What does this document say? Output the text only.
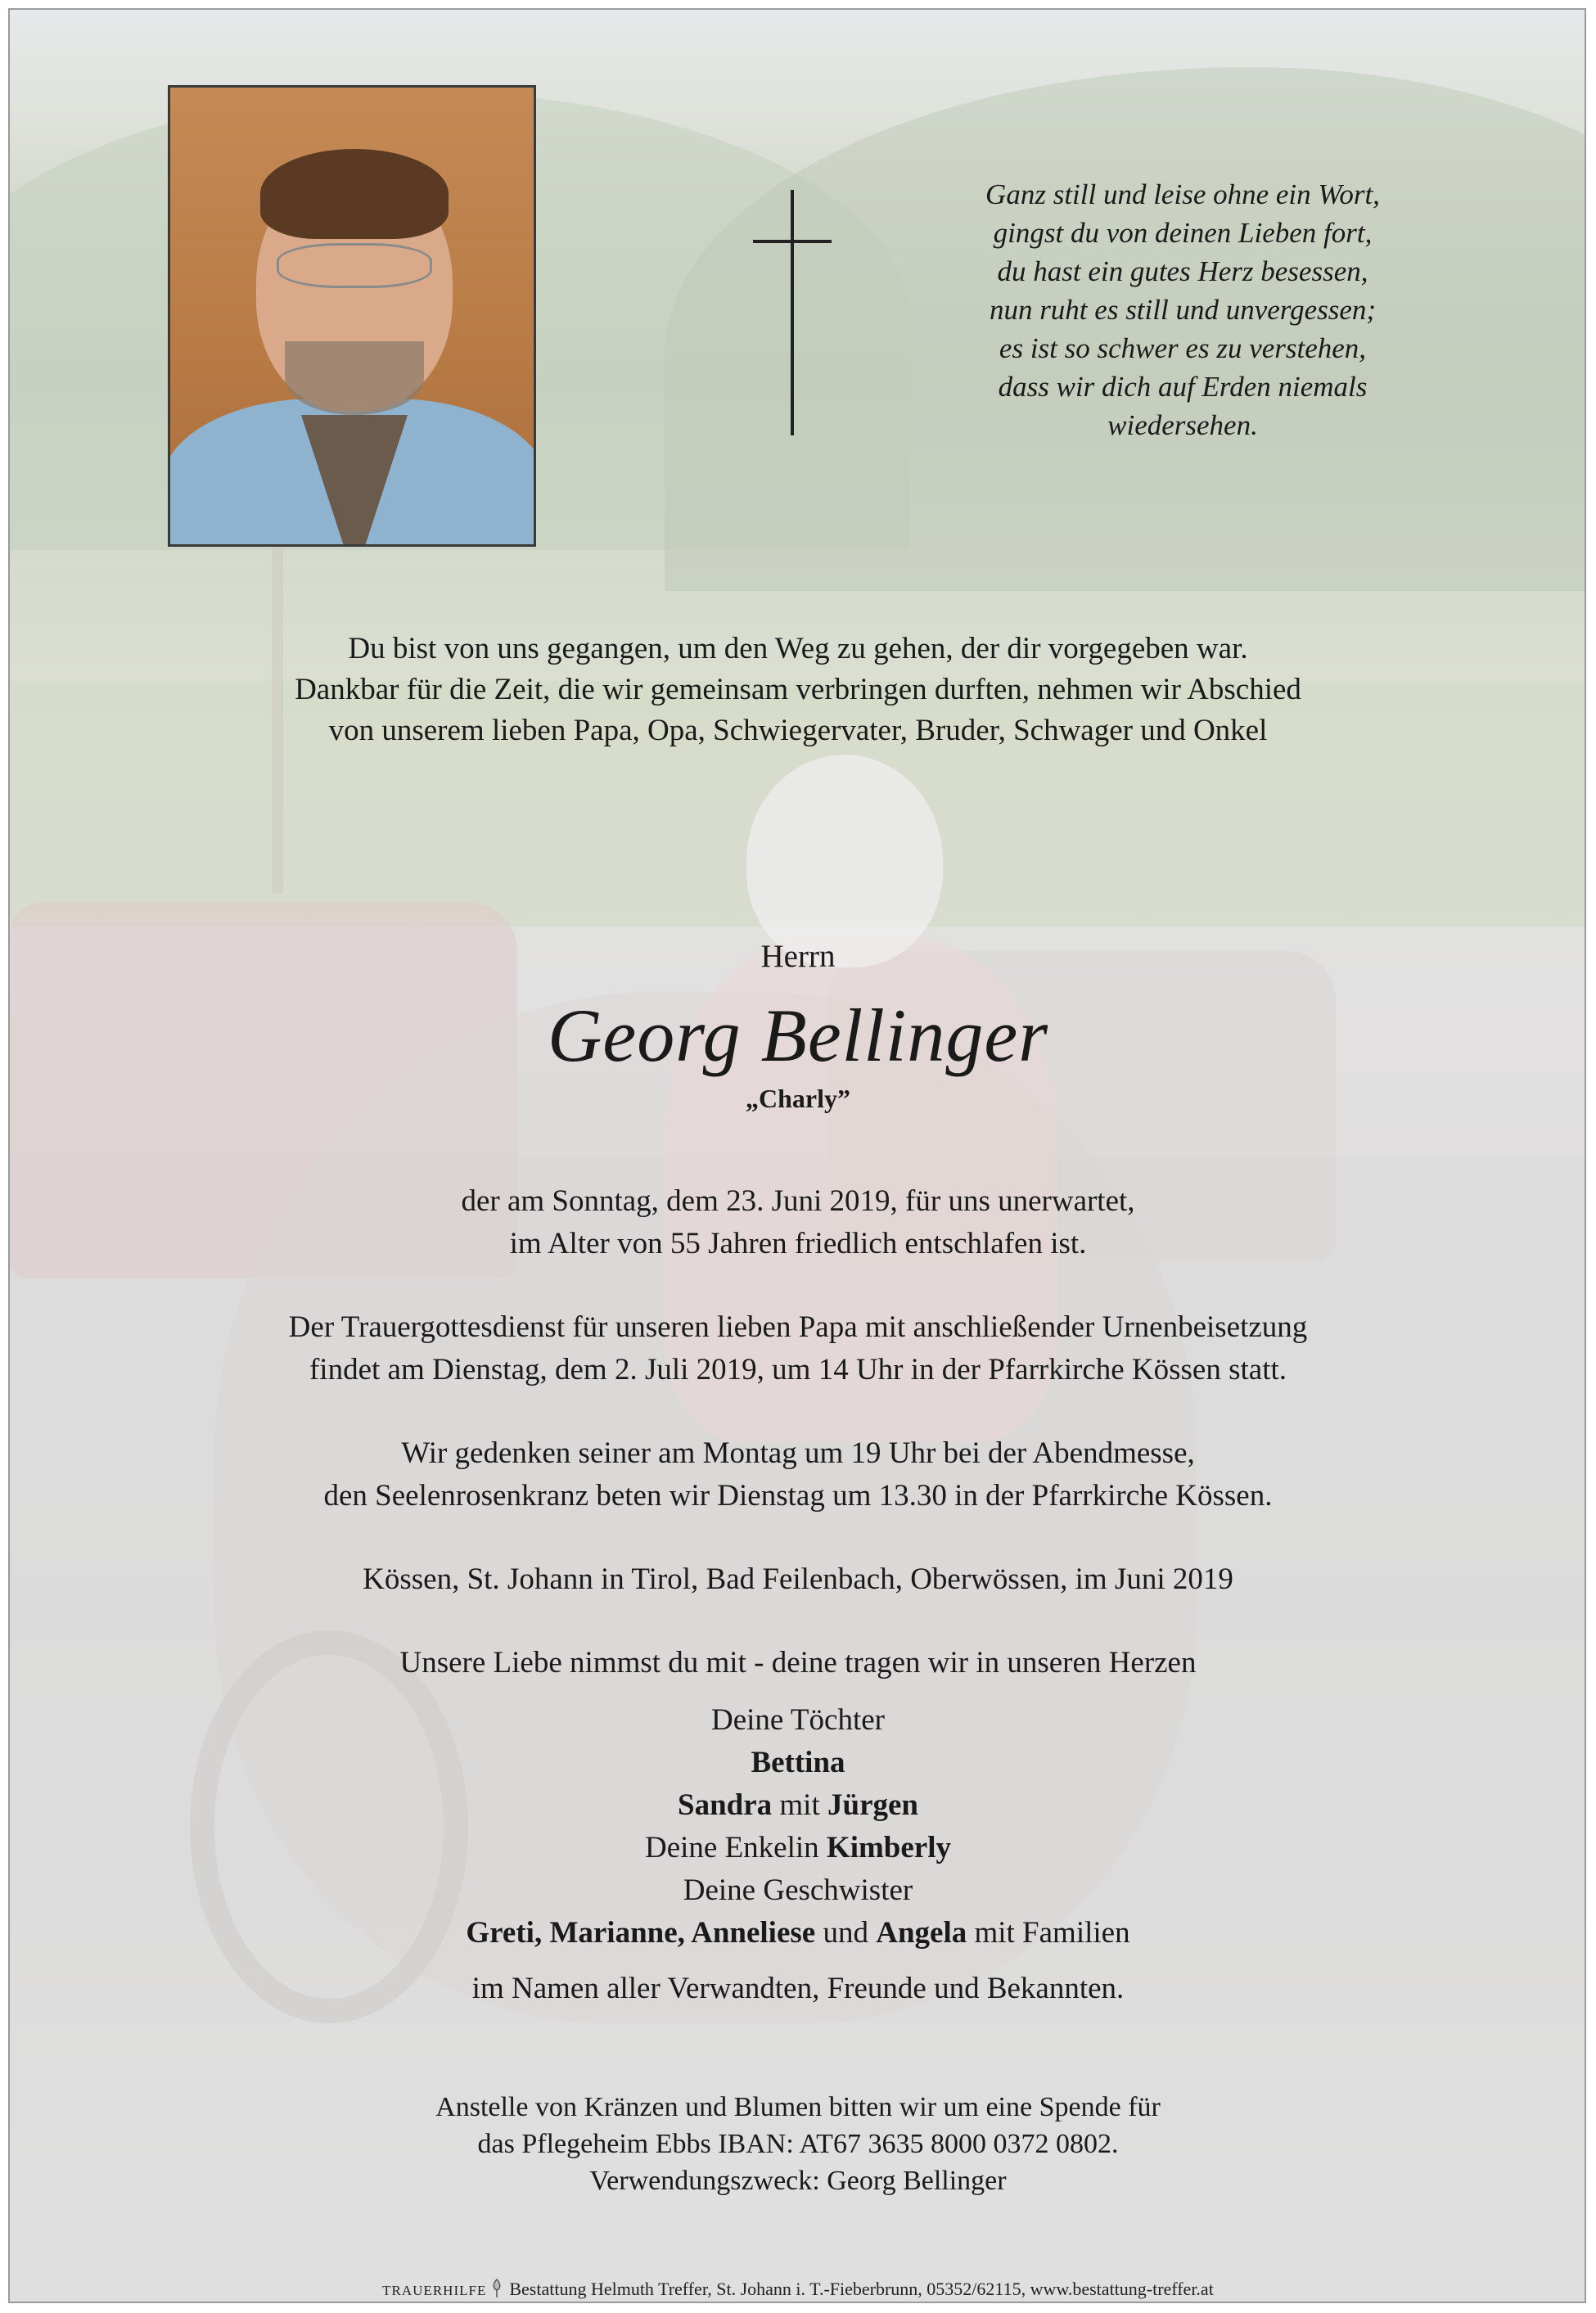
Ganz still und leise ohne ein Wort,
gingst du von deinen Lieben fort,
du hast ein gutes Herz besessen,
nun ruht es still und unvergessen;
es ist so schwer es zu verstehen,
dass wir dich auf Erden niemals
wiedersehen.
Du bist von uns gegangen, um den Weg zu gehen, der dir vorgegeben war.
Dankbar für die Zeit, die wir gemeinsam verbringen durften, nehmen wir Abschied
von unserem lieben Papa, Opa, Schwiegervater, Bruder, Schwager und Onkel
Herrn
Georg Bellinger
„Charly”
der am Sonntag, dem 23. Juni 2019, für uns unerwartet,
im Alter von 55 Jahren friedlich entschlafen ist.
Der Trauergottesdienst für unseren lieben Papa mit anschließender Urnenbeisetzung
findet am Dienstag, dem 2. Juli 2019, um 14 Uhr in der Pfarrkirche Kössen statt.
Wir gedenken seiner am Montag um 19 Uhr bei der Abendmesse,
den Seelenrosenkranz beten wir Dienstag um 13.30 in der Pfarrkirche Kössen.
Kössen, St. Johann in Tirol, Bad Feilenbach, Oberwössen, im Juni 2019
Unsere Liebe nimmst du mit - deine tragen wir in unseren Herzen
Deine Töchter
Bettina
Sandra mit Jürgen
Deine Enkelin Kimberly
Deine Geschwister
Greti, Marianne, Anneliese und Angela mit Familien
im Namen aller Verwandten, Freunde und Bekannten.
Anstelle von Kränzen und Blumen bitten wir um eine Spende für
das Pflegeheim Ebbs IBAN: AT67 3635 8000 0372 0802.
Verwendungszweck: Georg Bellinger
TRAUERHILFE Bestattung Helmuth Treffer, St. Johann i. T.-Fieberbrunn, 05352/62115, www.bestattung-treffer.at
